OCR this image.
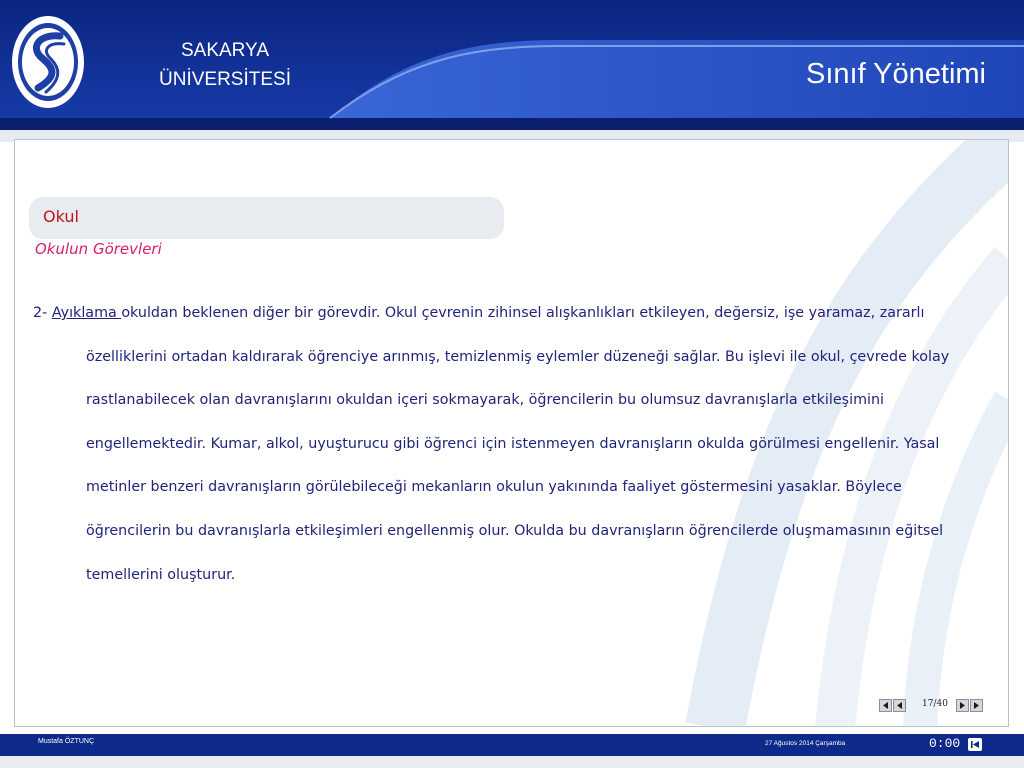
SAKARYA
ÜNİVERSİTESİ	Sınıf Yönetimi
Okul
Okulun Görevleri
2- Ayıklama okuldan beklenen diğer bir görevdir. Okul çevrenin zihinsel alışkanlıkları etkileyen, değersiz, işe yaramaz, zararlı özelliklerini ortadan kaldırarak öğrenciye arınmış, temizlenmiş eylemler düzeneği sağlar. Bu işlevi ile okul, çevrede kolay rastlanabilecek olan davranışlarını okuldan içeri sokmayarak, öğrencilerin bu olumsuz davranışlarla etkileşimini engellemektedir. Kumar, alkol, uyuşturucu gibi öğrenci için istenmeyen davranışların okulda görülmesi engellenir. Yasal metinler benzeri davranışların görülebileceği mekanların okulun yakınında faaliyet göstermesini yasaklar. Böylece öğrencilerin bu davranışlarla etkileşimleri engellenmiş olur. Okulda bu davranışların öğrencilerde oluşmamasının eğitsel temellerini oluşturur.
17/40
Mustafa ÖZTUNÇ	27 Ağustos 2014 Çarşamba	0:00
